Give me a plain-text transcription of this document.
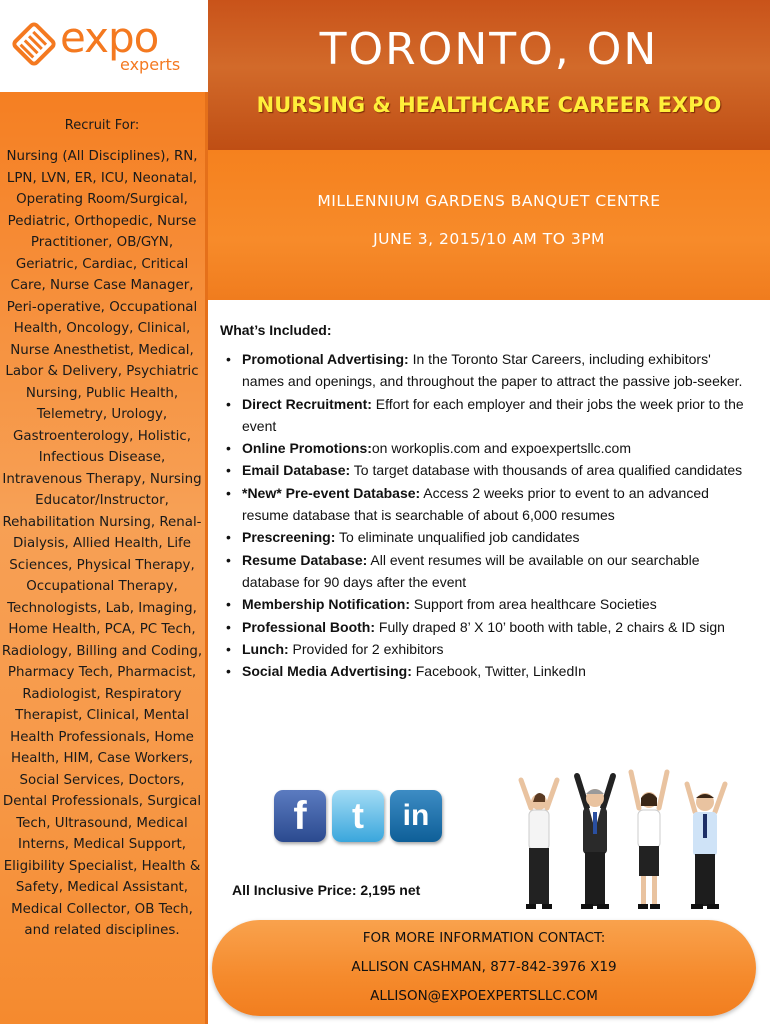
expo
experts
Recruit For:
Nursing (All Disciplines), RN, LPN, LVN, ER, ICU, Neonatal, Operating Room/Surgical, Pediatric, Orthopedic, Nurse Practitioner, OB/GYN, Geriatric, Cardiac, Critical Care, Nurse Case Manager, Peri-operative, Occupational Health, Oncology, Clinical, Nurse Anesthetist, Medical, Labor & Delivery, Psychiatric Nursing, Public Health, Telemetry, Urology, Gastroenterology, Holistic, Infectious Disease, Intravenous Therapy, Nursing Educator/Instructor, Rehabilitation Nursing, Renal-Dialysis, Allied Health, Life Sciences, Physical Therapy, Occupational Therapy, Technologists, Lab, Imaging, Home Health, PCA, PC Tech, Radiology, Billing and Coding, Pharmacy Tech, Pharmacist, Radiologist, Respiratory Therapist, Clinical, Mental Health Professionals, Home Health, HIM, Case Workers, Social Services, Doctors, Dental Professionals, Surgical Tech, Ultrasound, Medical Interns, Medical Support, Eligibility Specialist, Health & Safety, Medical Assistant, Medical Collector, OB Tech, and related disciplines.
TORONTO, ON
NURSING & HEALTHCARE CAREER EXPO
MILLENNIUM GARDENS BANQUET CENTRE
JUNE 3, 2015/10 AM TO 3PM
What’s Included:
• Promotional Advertising: In the Toronto Star Careers, including exhibitors' names and openings, and throughout the paper to attract the passive job-seeker.
• Direct Recruitment: Effort for each employer and their jobs the week prior to the event
• Online Promotions:on workoplis.com and expoexpertsllc.com
• Email Database: To target database with thousands of area qualified candidates
• *New* Pre-event Database: Access 2 weeks prior to event to an advanced resume database that is searchable of about 6,000 resumes
• Prescreening: To eliminate unqualified job candidates
• Resume Database: All event resumes will be available on our searchable database for 90 days after the event
• Membership Notification: Support from area healthcare Societies
• Professional Booth: Fully draped 8’ X 10’ booth with table, 2 chairs & ID sign
• Lunch: Provided for 2 exhibitors
• Social Media Advertising: Facebook, Twitter, LinkedIn
f	t	in
All Inclusive Price: 2,195 net
FOR MORE INFORMATION CONTACT:
ALLISON CASHMAN, 877-842-3976 X19
ALLISON@EXPOEXPERTSLLC.COM
